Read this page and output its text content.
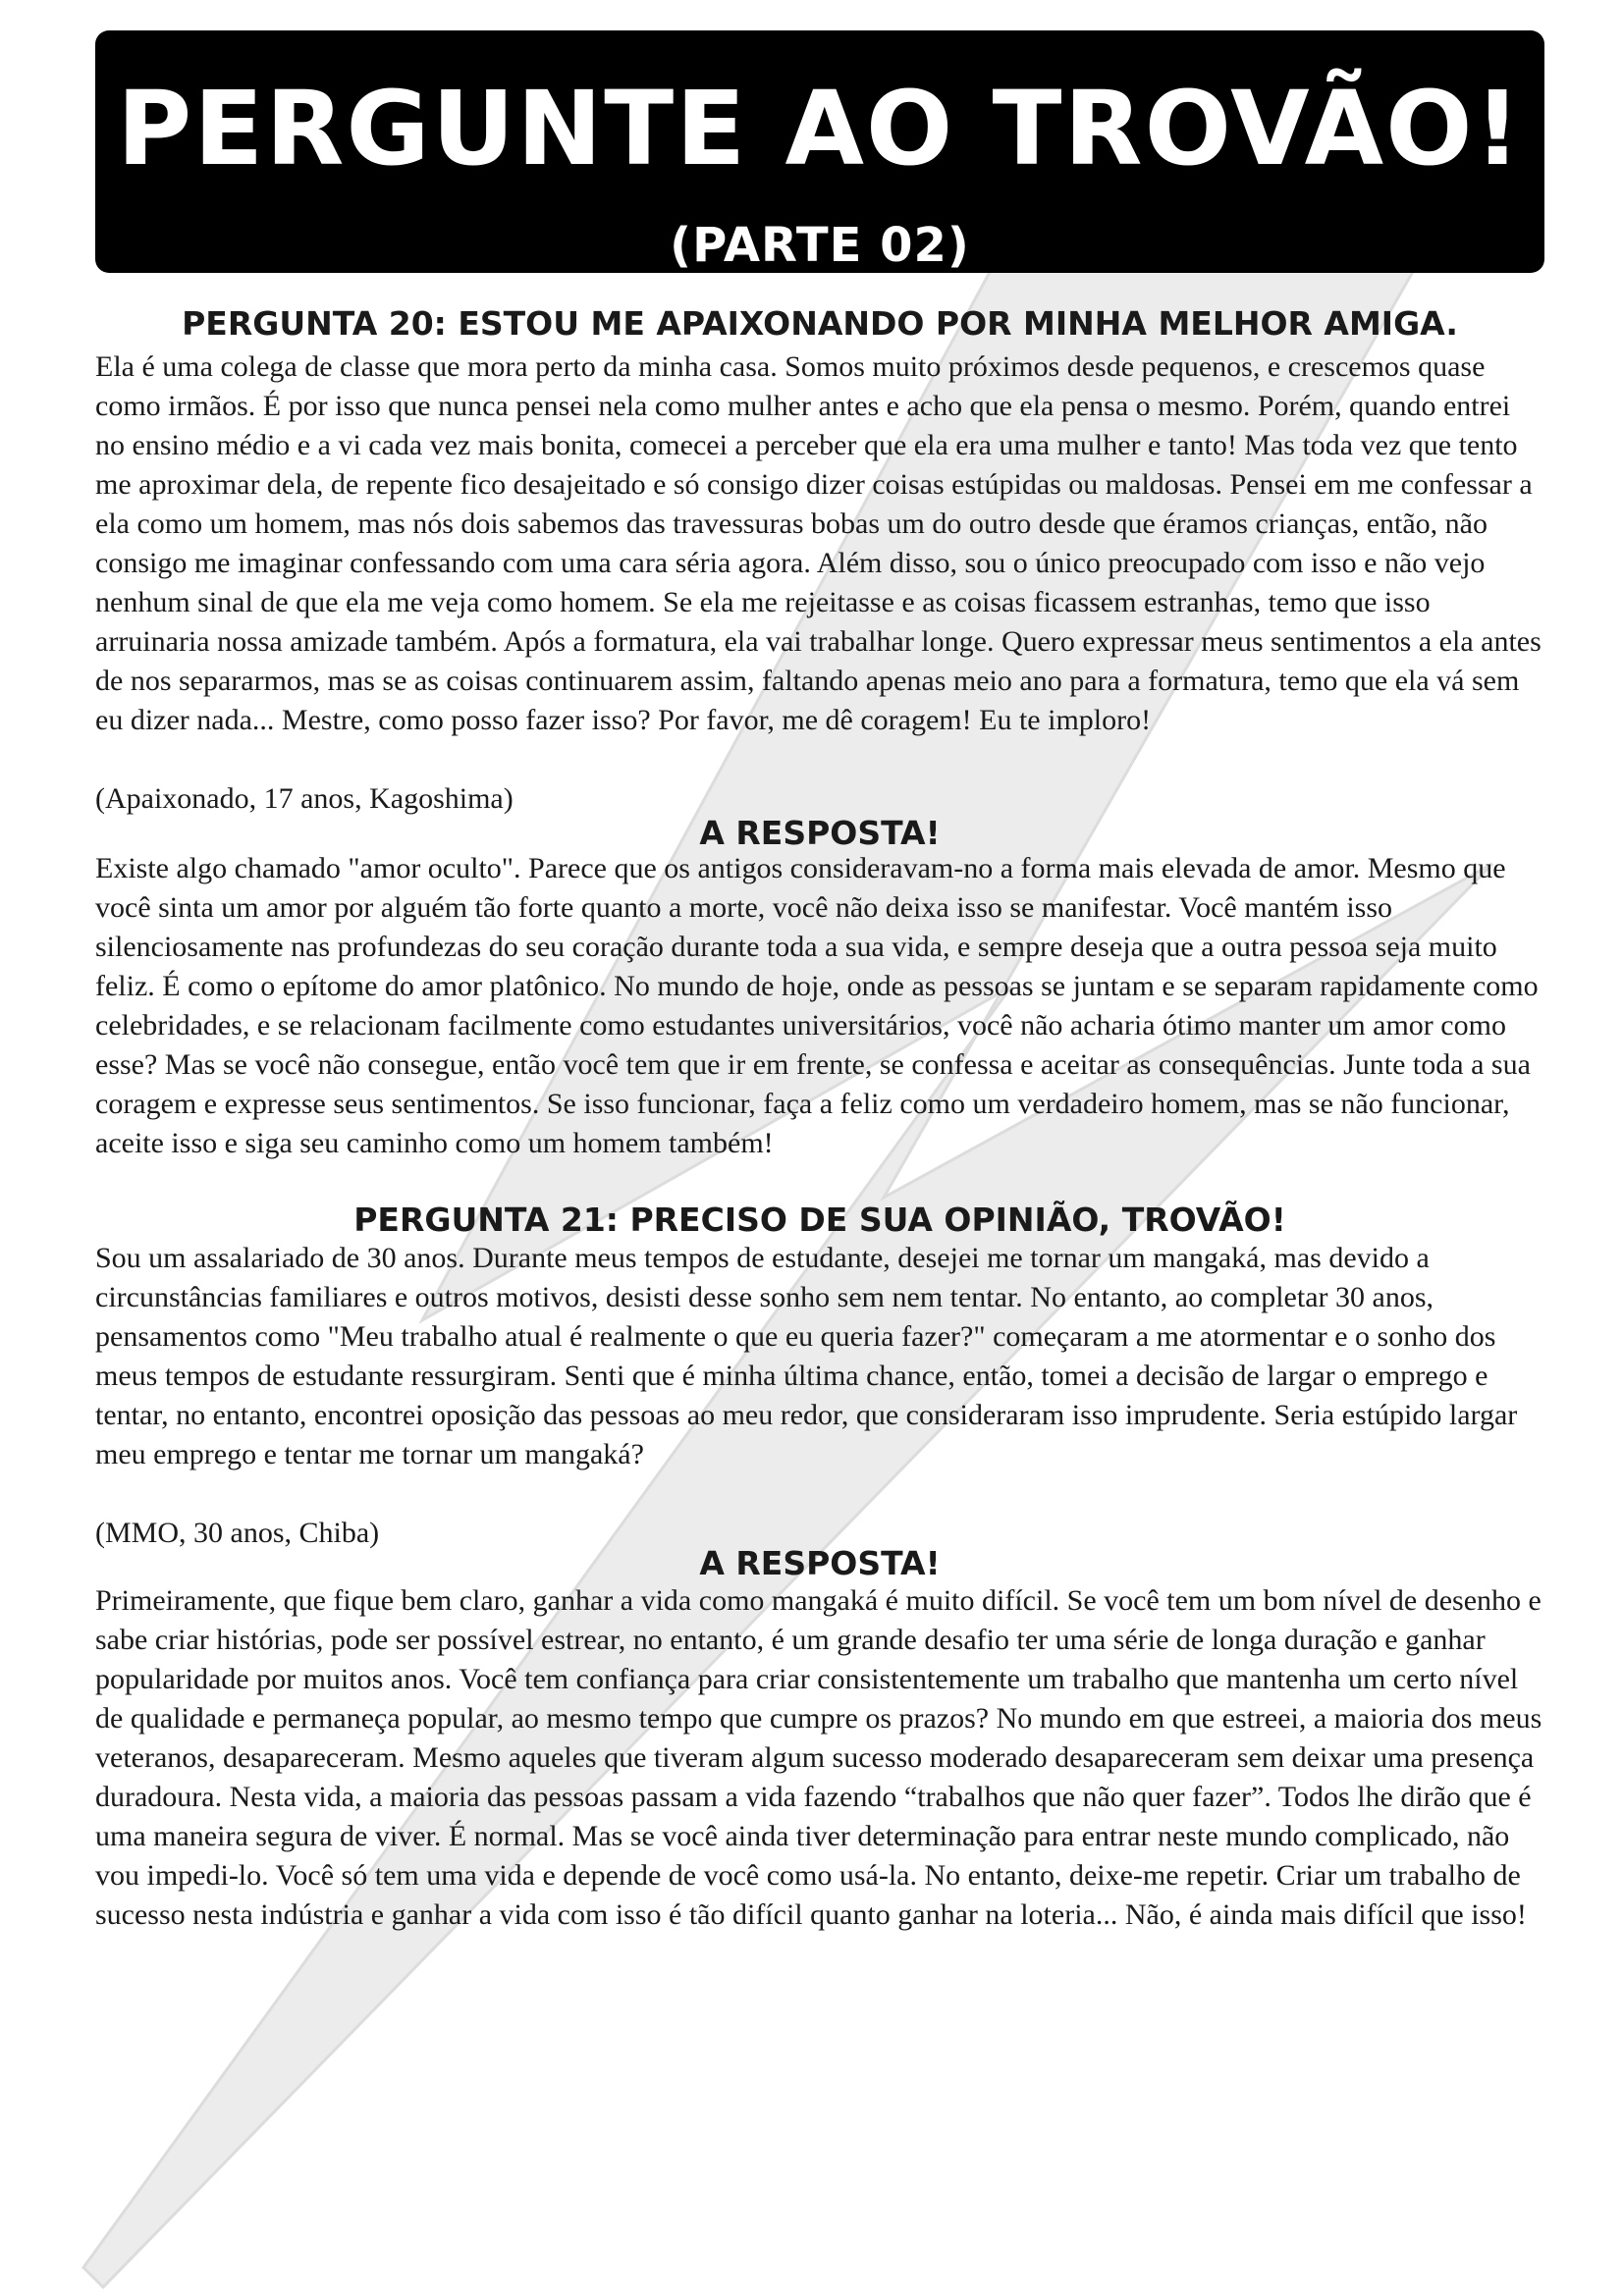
PERGUNTE AO TROVÃO!
(PARTE 02)
PERGUNTA 20: ESTOU ME APAIXONANDO POR MINHA MELHOR AMIGA.

Ela é uma colega de classe que mora perto da minha casa. Somos muito próximos desde pequenos, e crescemos quase como irmãos. É por isso que nunca pensei nela como mulher antes e acho que ela pensa o mesmo. Porém, quando entrei no ensino médio e a vi cada vez mais bonita, comecei a perceber que ela era uma mulher e tanto! Mas toda vez que tento me aproximar dela, de repente fico desajeitado e só consigo dizer coisas estúpidas ou maldosas. Pensei em me confessar a ela como um homem, mas nós dois sabemos das travessuras bobas um do outro desde que éramos crianças, então, não consigo me imaginar confessando com uma cara séria agora. Além disso, sou o único preocupado com isso e não vejo nenhum sinal de que ela me veja como homem. Se ela me rejeitasse e as coisas ficassem estranhas, temo que isso arruinaria nossa amizade também. Após a formatura, ela vai trabalhar longe. Quero expressar meus sentimentos a ela antes de nos separarmos, mas se as coisas continuarem assim, faltando apenas meio ano para a formatura, temo que ela vá sem eu dizer nada... Mestre, como posso fazer isso? Por favor, me dê coragem! Eu te imploro!

(Apaixonado, 17 anos, Kagoshima)

A RESPOSTA!

Existe algo chamado "amor oculto". Parece que os antigos consideravam-no a forma mais elevada de amor. Mesmo que você sinta um amor por alguém tão forte quanto a morte, você não deixa isso se manifestar. Você mantém isso silenciosamente nas profundezas do seu coração durante toda a sua vida, e sempre deseja que a outra pessoa seja muito feliz. É como o epítome do amor platônico. No mundo de hoje, onde as pessoas se juntam e se separam rapidamente como celebridades, e se relacionam facilmente como estudantes universitários, você não acharia ótimo manter um amor como esse? Mas se você não consegue, então você tem que ir em frente, se confessa e aceitar as consequências. Junte toda a sua coragem e expresse seus sentimentos. Se isso funcionar, faça a feliz como um verdadeiro homem, mas se não funcionar, aceite isso e siga seu caminho como um homem também!

PERGUNTA 21: PRECISO DE SUA OPINIÃO, TROVÃO!

Sou um assalariado de 30 anos. Durante meus tempos de estudante, desejei me tornar um mangaká, mas devido a circunstâncias familiares e outros motivos, desisti desse sonho sem nem tentar. No entanto, ao completar 30 anos, pensamentos como "Meu trabalho atual é realmente o que eu queria fazer?" começaram a me atormentar e o sonho dos meus tempos de estudante ressurgiram. Senti que é minha última chance, então, tomei a decisão de largar o emprego e tentar, no entanto, encontrei oposição das pessoas ao meu redor, que consideraram isso imprudente. Seria estúpido largar meu emprego e tentar me tornar um mangaká?

(MMO, 30 anos, Chiba)

A RESPOSTA!

Primeiramente, que fique bem claro, ganhar a vida como mangaká é muito difícil. Se você tem um bom nível de desenho e sabe criar histórias, pode ser possível estrear, no entanto, é um grande desafio ter uma série de longa duração e ganhar popularidade por muitos anos. Você tem confiança para criar consistentemente um trabalho que mantenha um certo nível de qualidade e permaneça popular, ao mesmo tempo que cumpre os prazos? No mundo em que estreei, a maioria dos meus veteranos, desapareceram. Mesmo aqueles que tiveram algum sucesso moderado desapareceram sem deixar uma presença duradoura. Nesta vida, a maioria das pessoas passam a vida fazendo “trabalhos que não quer fazer”. Todos lhe dirão que é uma maneira segura de viver. É normal. Mas se você ainda tiver determinação para entrar neste mundo complicado, não vou impedi-lo. Você só tem uma vida e depende de você como usá-la. No entanto, deixe-me repetir. Criar um trabalho de sucesso nesta indústria e ganhar a vida com isso é tão difícil quanto ganhar na loteria... Não, é ainda mais difícil que isso!
